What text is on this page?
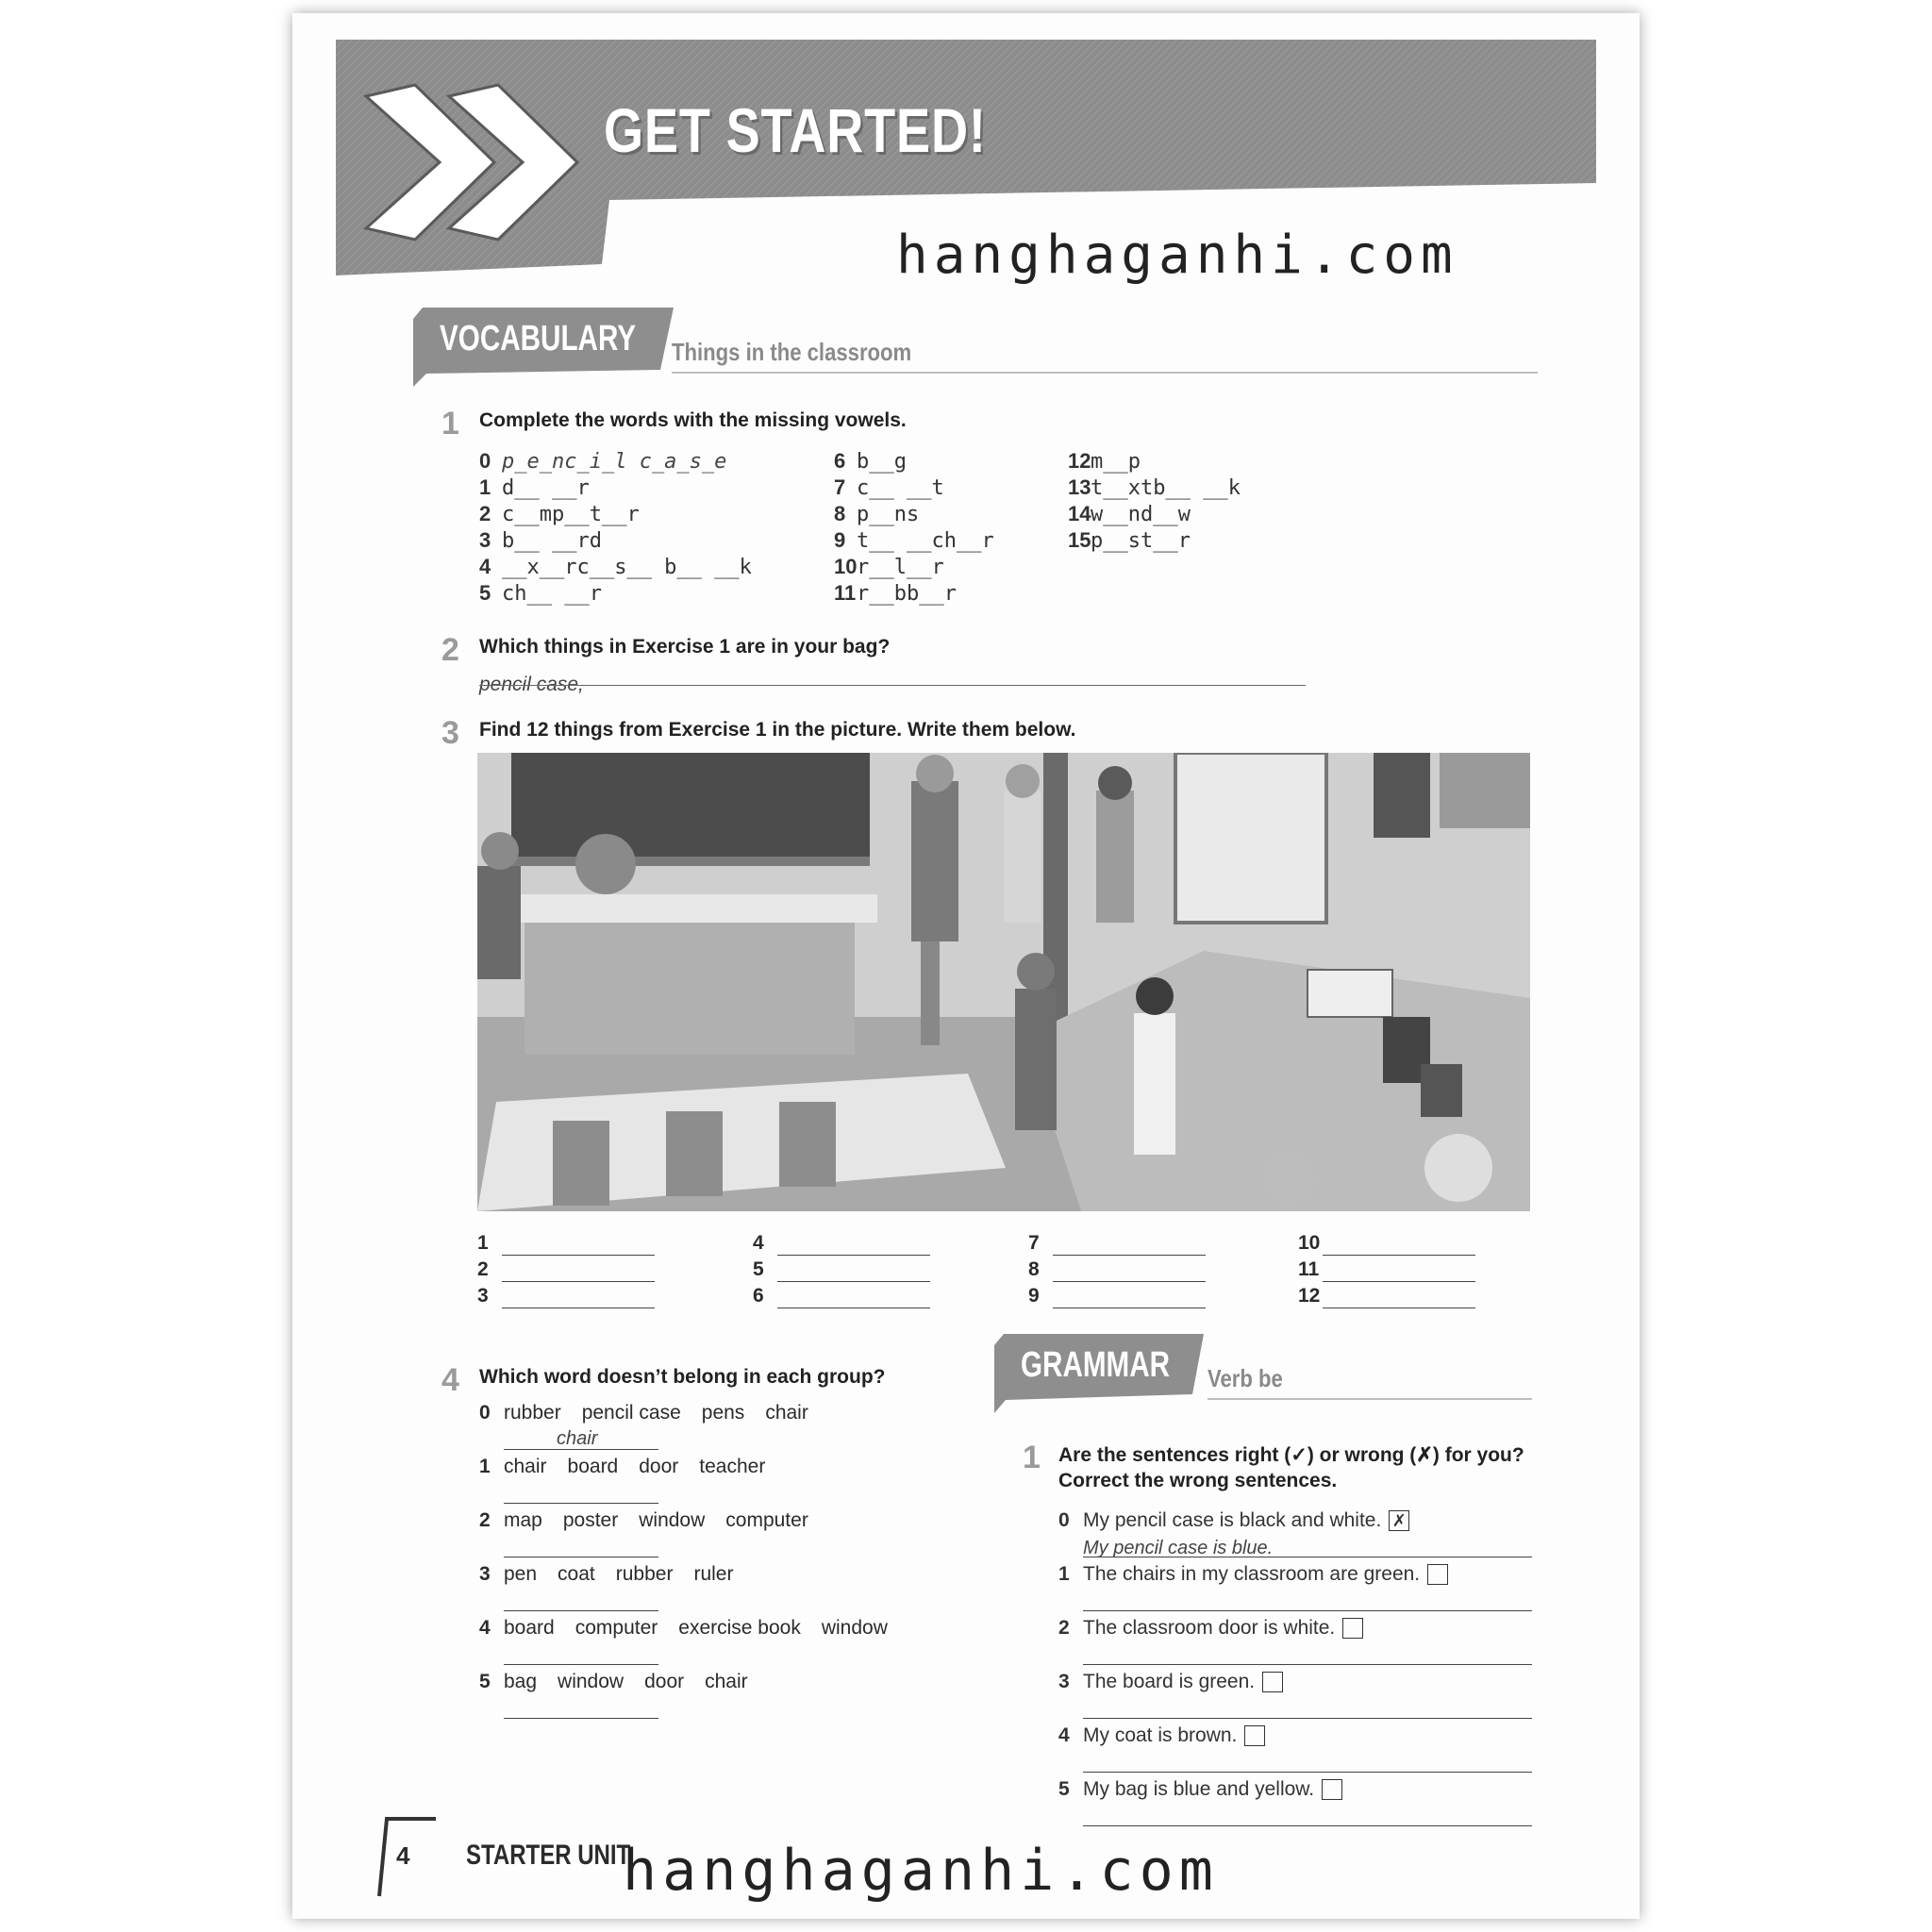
GET STARTED!
hanghaganhi.com
VOCABULARY Things in the classroom
1 Complete the words with the missing vowels.
0 p_e_nc_i_l c_a_s_e
1 d__ __r
2 c__mp__t__r
3 b__ __rd
4 __x__rc__s__ b__ __k
5 ch__ __r
6 b__g
7 c__ __t
8 p__ns
9 t__ __ch__r
10r__l__r
11r__bb__r
12m__p
13t__xtb__ __k
14w__nd__w
15p__st__r
2 Which things in Exercise 1 are in your bag?
pencil case,
3 Find 12 things from Exercise 1 in the picture. Write them below.
1
2
3
4
5
6
7
8
9
10
11
12
4 Which word doesn’t belong in each group?
0 rubber pencil case pens chair
chair
1 chair board door teacher
2 map poster window computer
3 pen coat rubber ruler
4 board computer exercise book window
5 bag window door chair
GRAMMAR Verb be
1 Are the sentences right (✓) or wrong (✗) for you?
Correct the wrong sentences.
0 My pencil case is black and white. ✗
My pencil case is blue.
1 The chairs in my classroom are green.
2 The classroom door is white.
3 The board is green.
4 My coat is brown.
5 My bag is blue and yellow.
4 STARTER UNIT
hanghaganhi.com
